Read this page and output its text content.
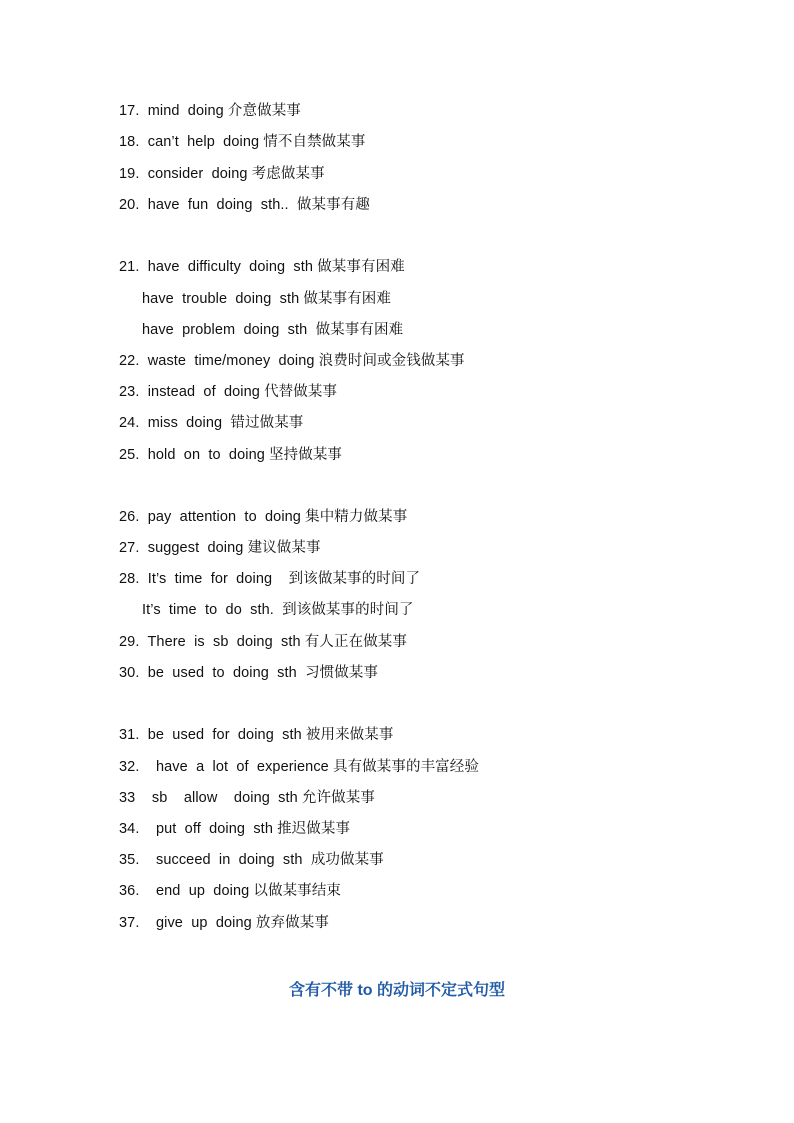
17.  mind  doing 介意做某事
18.  can’t  help  doing 情不自禁做某事
19.  consider  doing 考虑做某事
20.  have  fun  doing  sth..  做某事有趣
21.  have  difficulty  doing  sth 做某事有困难
have  trouble  doing  sth 做某事有困难
have  problem  doing  sth  做某事有困难
22.  waste  time/money  doing 浪费时间或金钱做某事
23.  instead  of  doing 代替做某事
24.  miss  doing  错过做某事
25.  hold  on  to  doing 坚持做某事
26.  pay  attention  to  doing 集中精力做某事
27.  suggest  doing 建议做某事
28.  It’s  time  for  doing    到该做某事的时间了
It’s  time  to  do  sth.  到该做某事的时间了
29.  There  is  sb  doing  sth 有人正在做某事
30.  be  used  to  doing  sth  习惯做某事
31.  be  used  for  doing  sth 被用来做某事
32.    have  a  lot  of  experience 具有做某事的丰富经验
33    sb    allow    doing  sth 允许做某事
34.    put  off  doing  sth 推迟做某事
35.    succeed  in  doing  sth  成功做某事
36.    end  up  doing 以做某事结束
37.    give  up  doing 放弃做某事
含有不带 to 的动词不定式句型
